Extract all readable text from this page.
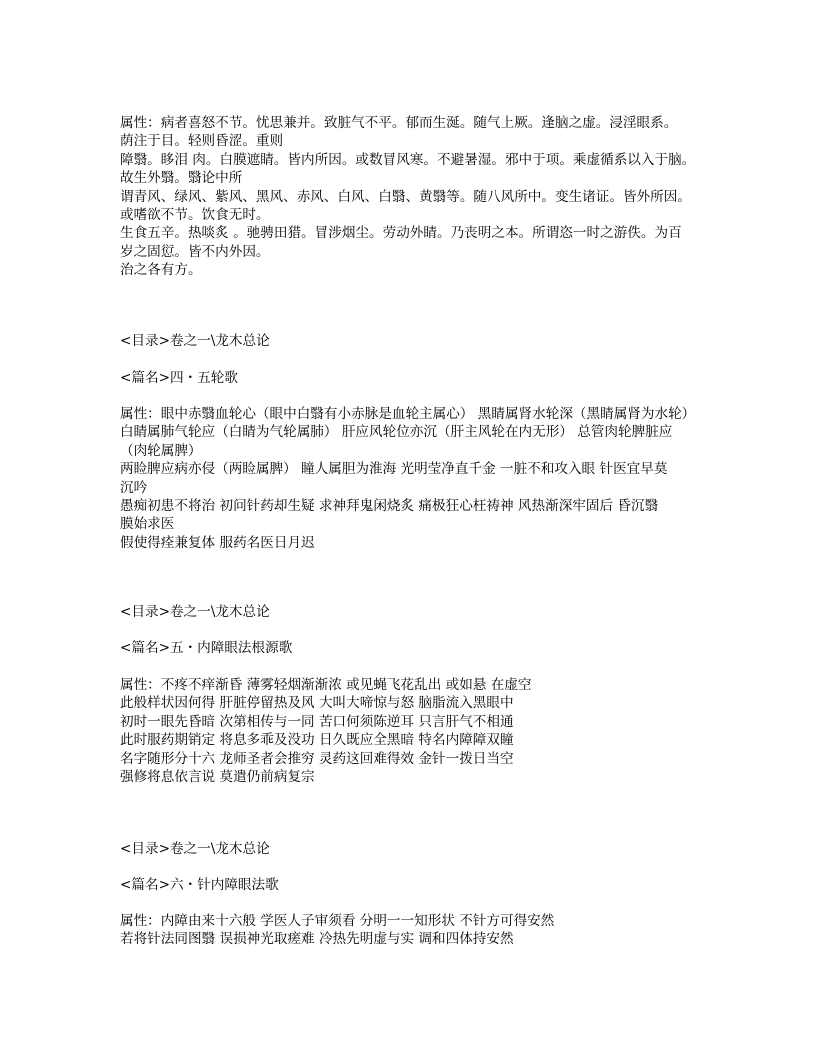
属性：病者喜怒不节。忧思兼并。致脏气不平。郁而生涎。随气上厥。逢脑之虚。浸淫眼系。
荫注于目。轻则昏涩。重则
障翳。眵泪 肉。白膜遮睛。皆内所因。或数冒风寒。不避暑湿。邪中于项。乘虚循系以入于脑。
故生外翳。翳论中所
谓青风、绿风、紫风、黑风、赤风、白风、白翳、黄翳等。随八风所中。变生诸证。皆外所因。
或嗜欲不节。饮食无时。
生食五辛。热啖炙 。驰骋田猎。冒涉烟尘。劳动外睛。乃丧明之本。所谓恣一时之游佚。为百
岁之固愆。皆不内外因。
治之各有方。
<目录>卷之一\龙木总论
<篇名>四・五轮歌
属性：眼中赤翳血轮心（眼中白翳有小赤脉是血轮主属心） 黑睛属肾水轮深（黑睛属肾为水轮）
白睛属肺气轮应（白睛为气轮属肺） 肝应风轮位亦沉（肝主风轮在内无形） 总管肉轮脾脏应
（肉轮属脾）
两睑脾应病亦侵（两睑属脾） 瞳人属胆为淮海 光明莹净直千金 一脏不和攻入眼 针医宜早莫
沉吟
愚痴初患不将治 初问针药却生疑 求神拜鬼闲烧炙 痛极狂心枉祷神 风热渐深牢固后 昏沉翳
膜始求医
假使得痊兼复体 服药名医日月迟
<目录>卷之一\龙木总论
<篇名>五・内障眼法根源歌
属性：不疼不痒渐昏 薄雾轻烟渐渐浓 或见蝇飞花乱出 或如悬 在虚空
此般样状因何得 肝脏停留热及风 大叫大啼惊与怒 脑脂流入黑眼中
初时一眼先昏暗 次第相传与一同 苦口何须陈逆耳 只言肝气不相通
此时服药期销定 将息多乖及没功 日久既应全黑暗 特名内障障双瞳
名字随形分十六 龙师圣者会推穷 灵药这回难得效 金针一拨日当空
强修将息依言说 莫遣仍前病复宗
<目录>卷之一\龙木总论
<篇名>六・针内障眼法歌
属性：内障由来十六般 学医人子审须看 分明一一知形状 不针方可得安然
若将针法同图翳 误损神光取瘥难 冷热先明虚与实 调和四体持安然
